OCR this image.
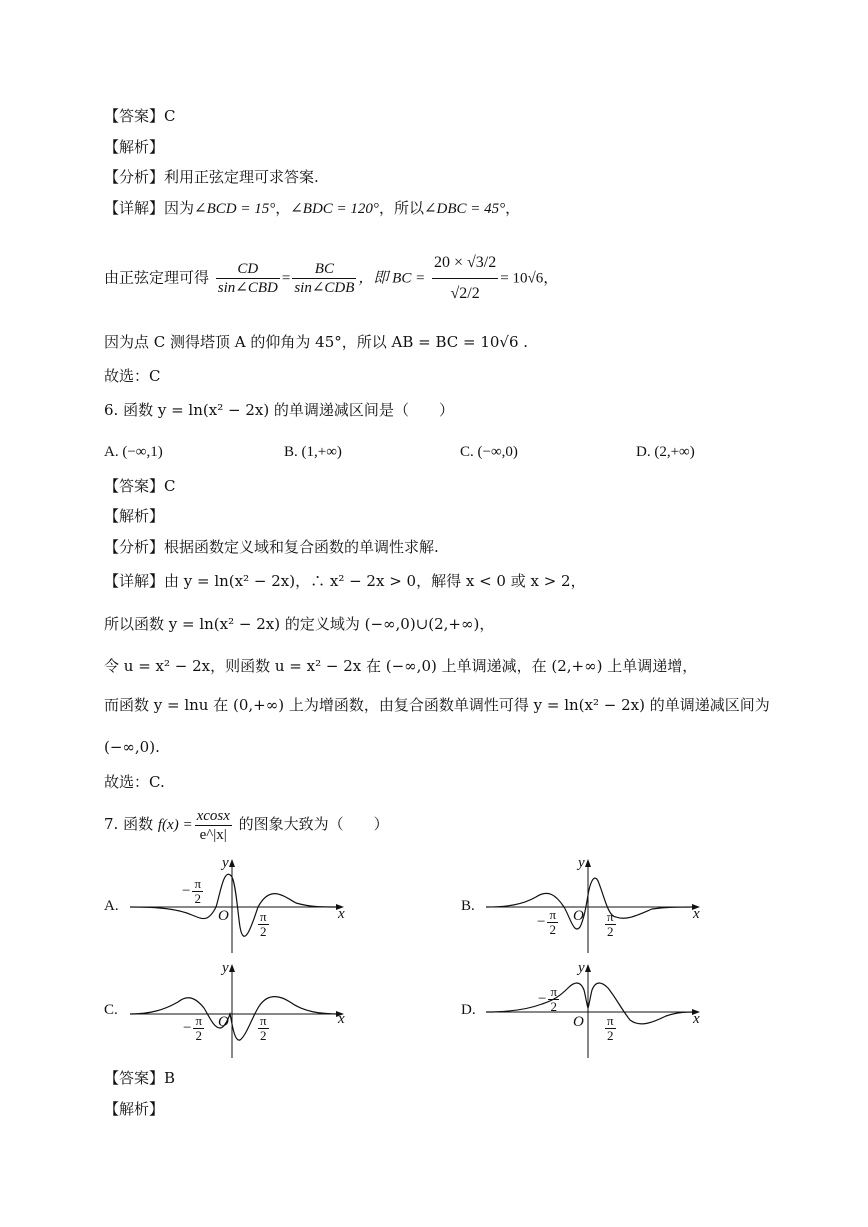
【答案】C
【解析】
【分析】利用正弦定理可求答案.
【详解】因为∠BCD = 15°，∠BDC = 120°，所以∠DBC = 45°，
由正弦定理可得 $\frac{CD}{\text{sin∠CBD}} = \frac{BC}{\text{sin∠CDB}}$ ，即 BC = $\frac{20 \times √3/2}{√2/2} = 10√6$，
因为点 C 测得塔顶 A 的仰角为 45°，所以 AB = BC = 10√6 .
故选：C
6. 函数 y = ln(x² − 2x) 的单调递减区间是（　　）
A. (−∞,1)	B. (1,+∞)	C. (−∞,0)	D. (2,+∞)
【答案】C
【解析】
【分析】根据函数定义域和复合函数的单调性求解.
【详解】由 y = ln(x² − 2x)，∴ x² − 2x > 0，解得 x < 0 或 x > 2，
所以函数 y = ln(x² − 2x) 的定义域为 (−∞,0)∪(2,+∞)，
令 u = x² − 2x，则函数 u = x² − 2x 在 (−∞,0) 上单调递减，在 (2,+∞) 上单调递增，
而函数 y = lnu 在 (0,+∞) 上为增函数，由复合函数单调性可得 y = ln(x² − 2x) 的单调递减区间为
(−∞,0).
故选：C.
7. 函数 $f(x) = \frac{xcosx}{e\^{}|x|}$ 的图象大致为（　　）
A.
y
x
O
− $\frac{\pi}{2}$
$\frac{\pi}{2}$
B.
y
x
O
− $\frac{\pi}{2}$	$\frac{\pi}{2}$
C.
y
x
O
− $\frac{\pi}{2}$	$\frac{\pi}{2}$
D.
y
x
O
− $\frac{\pi}{2}$
$\frac{\pi}{2}$
【答案】B
【解析】
